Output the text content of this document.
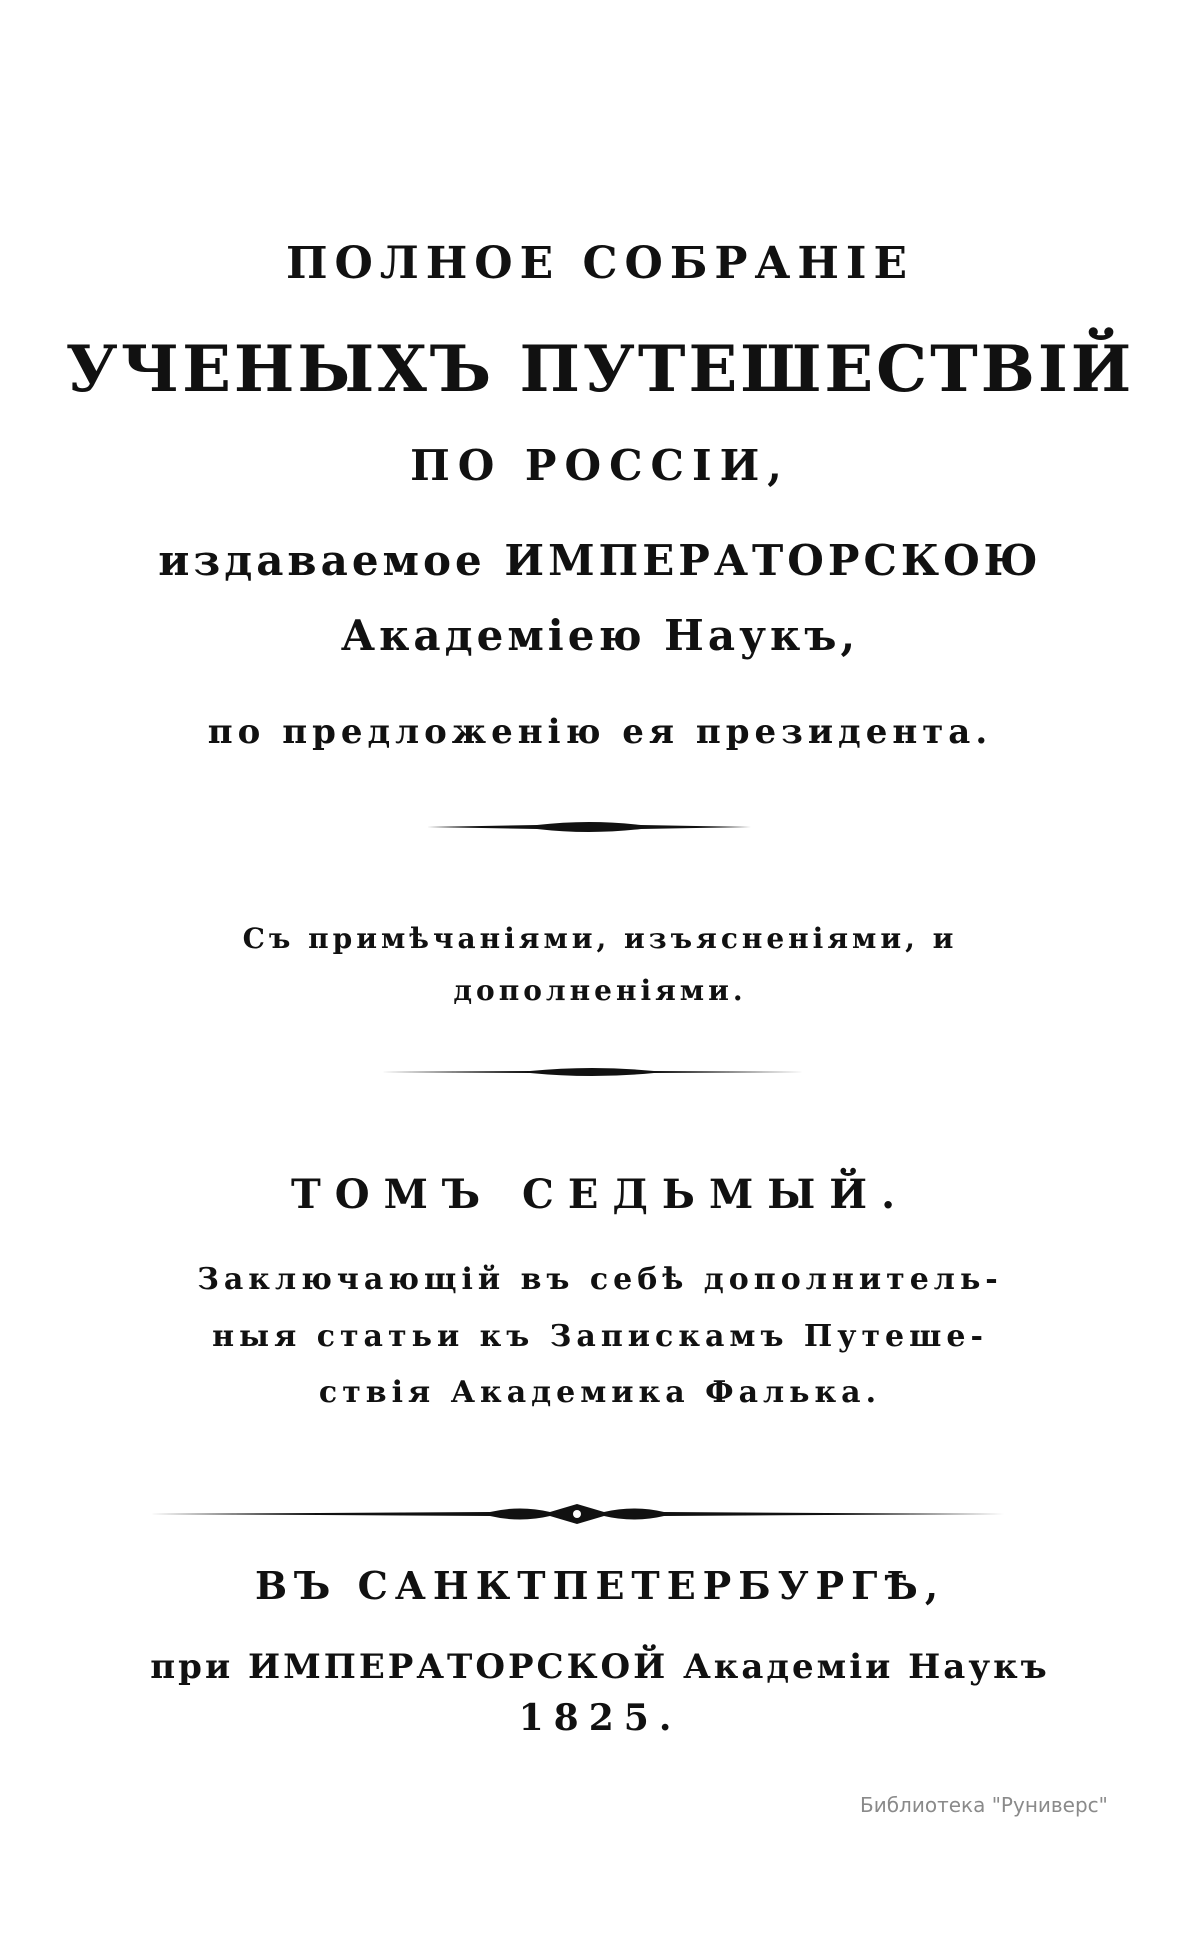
ПОЛНОЕ СОБРАНІЕ
УЧЕНЫХЪ ПУТЕШЕСТВІЙ
ПО РОССІИ,
издаваемое ИМПЕРАТОРСКОЮ
Академіею Наукъ,
по предложенію ея президента.
Съ примѣчаніями, изъясненіями, и
дополненіями.
ТОМЪ СЕДЬМЫЙ.
Заключающій въ себѣ дополнитель-
ныя статьи къ Запискамъ Путеше-
ствія Академика Фалька.
ВЪ САНКТПЕТЕРБУРГѢ,
при ИМПЕРАТОРСКОЙ Академіи Наукъ
1825.
Библиотека "Руниверс"
